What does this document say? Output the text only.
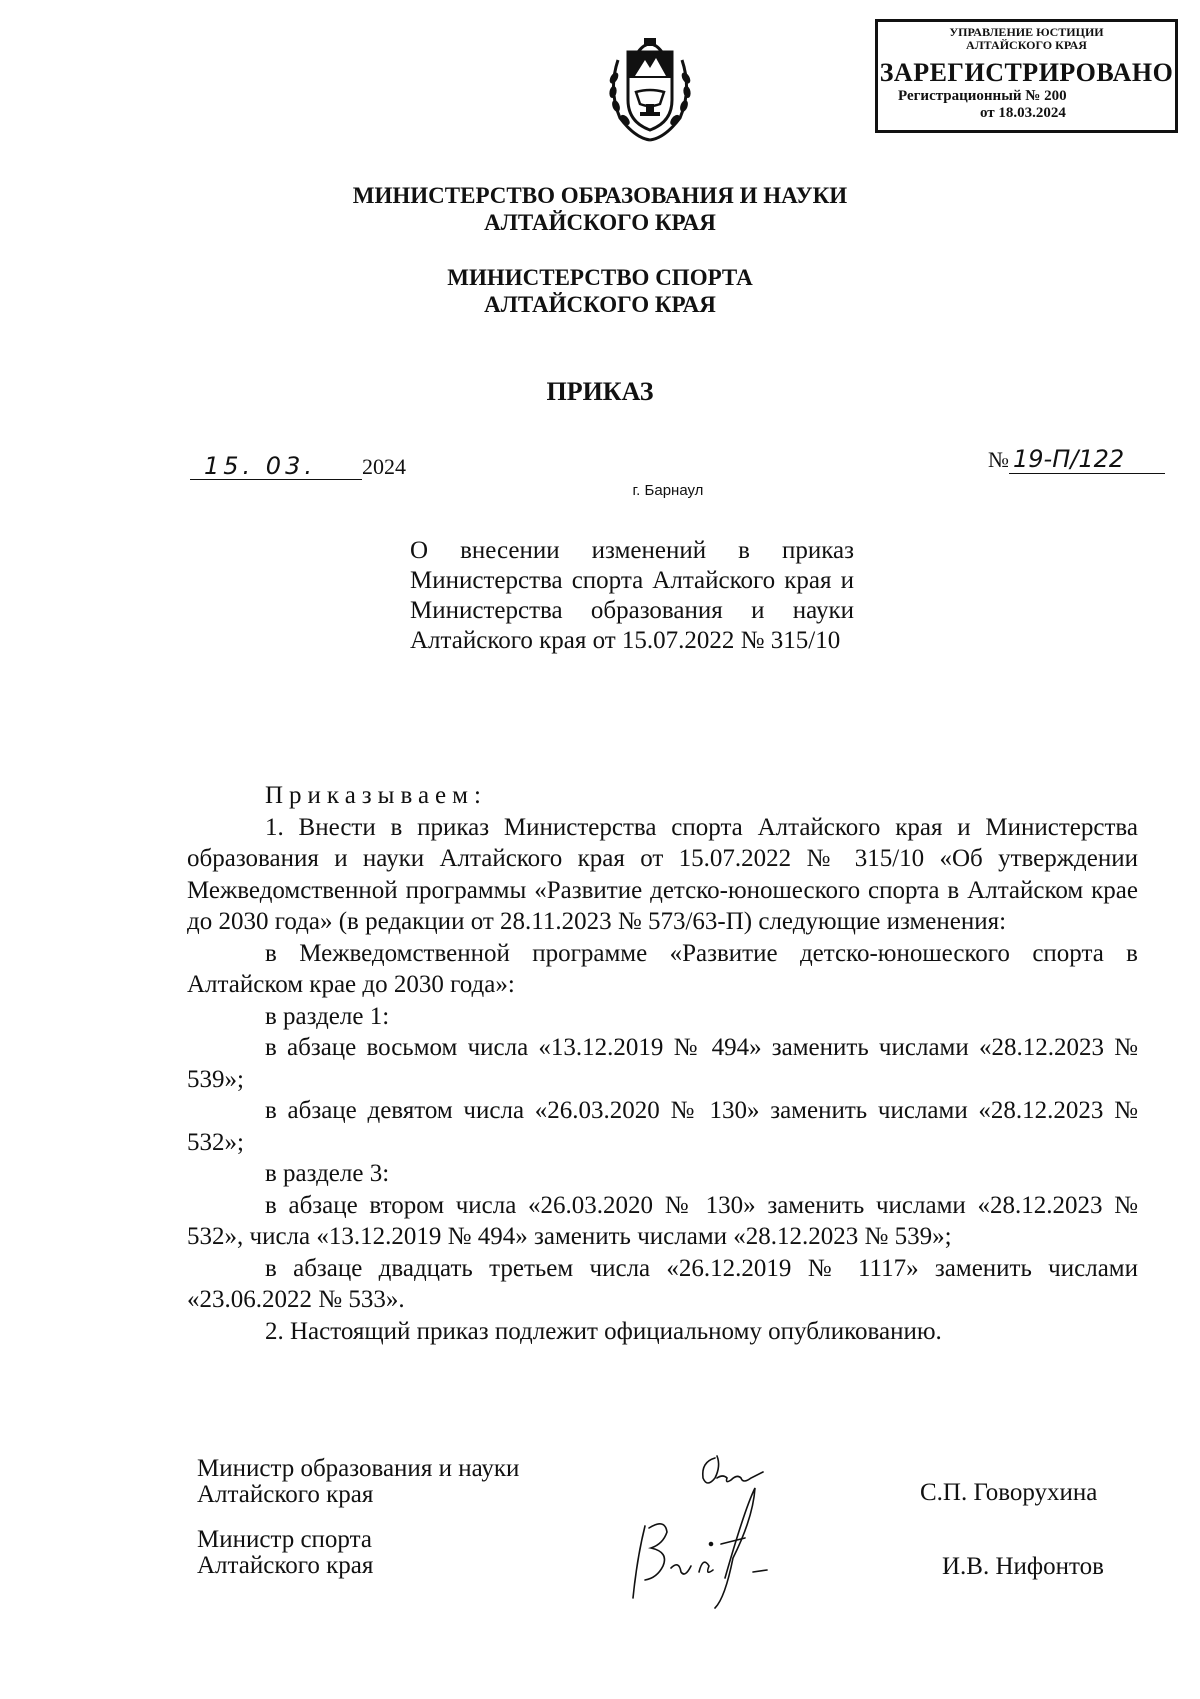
УПРАВЛЕНИЕ ЮСТИЦИИ
АЛТАЙСКОГО КРАЯ
ЗАРЕГИСТРИРОВАНО
Регистрационный № 200
от 18.03.2024
МИНИСТЕРСТВО ОБРАЗОВАНИЯ И НАУКИ
АЛТАЙСКОГО КРАЯ
МИНИСТЕРСТВО СПОРТА
АЛТАЙСКОГО КРАЯ
ПРИКАЗ
15. 03. 2024	№ 19-П/122
г. Барнаул
О внесении изменений в приказ Министерства спорта Алтайского края и Министерства образования и науки Алтайского края от 15.07.2022 № 315/10

Приказываем:

1. Внести в приказ Министерства спорта Алтайского края и Министерства образования и науки Алтайского края от 15.07.2022 № 315/10 «Об утверждении Межведомственной программы «Развитие детско-юношеского спорта в Алтайском крае до 2030 года» (в редакции от 28.11.2023 № 573/63-П) следующие изменения:

в Межведомственной программе «Развитие детско-юношеского спорта в Алтайском крае до 2030 года»:

в разделе 1:

в абзаце восьмом числа «13.12.2019 № 494» заменить числами «28.12.2023 № 539»;

в абзаце девятом числа «26.03.2020 № 130» заменить числами «28.12.2023 № 532»;

в разделе 3:

в абзаце втором числа «26.03.2020 № 130» заменить числами «28.12.2023 № 532», числа «13.12.2019 № 494» заменить числами «28.12.2023 № 539»;

в абзаце двадцать третьем числа «26.12.2019 № 1117» заменить числами «23.06.2022 № 533».

2. Настоящий приказ подлежит официальному опубликованию.

Министр образования и науки
Алтайского края
Министр спорта
Алтайского края
С.П. Говорухина
И.В. Нифонтов
